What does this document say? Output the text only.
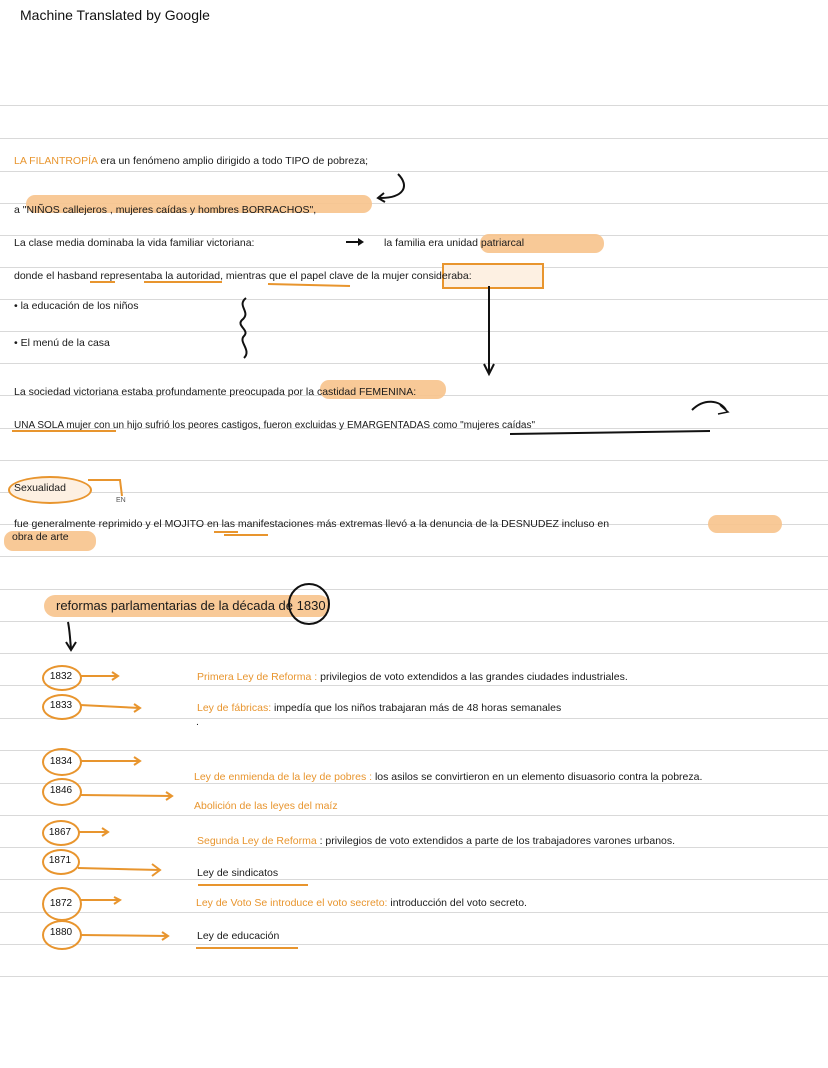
Machine Translated by Google
LA FILANTROPÍA era un fenómeno amplio dirigido a todo TIPO de pobreza;
a "NIÑOS callejeros , mujeres caídas y hombres BORRACHOS",
La clase media dominaba la vida familiar victoriana:	la familia era unidad patriarcal
donde el hasband representaba la autoridad, mientras que el papel clave de la mujer consideraba:
• la educación de los niños
• El menú de la casa
La sociedad victoriana estaba profundamente preocupada por la castidad FEMENINA:
UNA SOLA mujer con un hijo sufrió los peores castigos, fueron excluidas y EMARGENTADAS como "mujeres caídas"
Sexualidad
EN
fue generalmente reprimido y el MOJITO en las manifestaciones más extremas llevó a la denuncia de la DESNUDEZ incluso en
obra de arte
reformas parlamentarias de la década de 1830
.
1832
1833
1834
1846
1867
1871
1872
1880
Primera Ley de Reforma : privilegios de voto extendidos a las grandes ciudades industriales.
Ley de fábricas: impedía que los niños trabajaran más de 48 horas semanales
Ley de enmienda de la ley de pobres : los asilos se convirtieron en un elemento disuasorio contra la pobreza.
Abolición de las leyes del maíz
Segunda Ley de Reforma : privilegios de voto extendidos a parte de los trabajadores varones urbanos.
Ley de sindicatos
Ley de Voto Se introduce el voto secreto: introducción del voto secreto.
Ley de educación
